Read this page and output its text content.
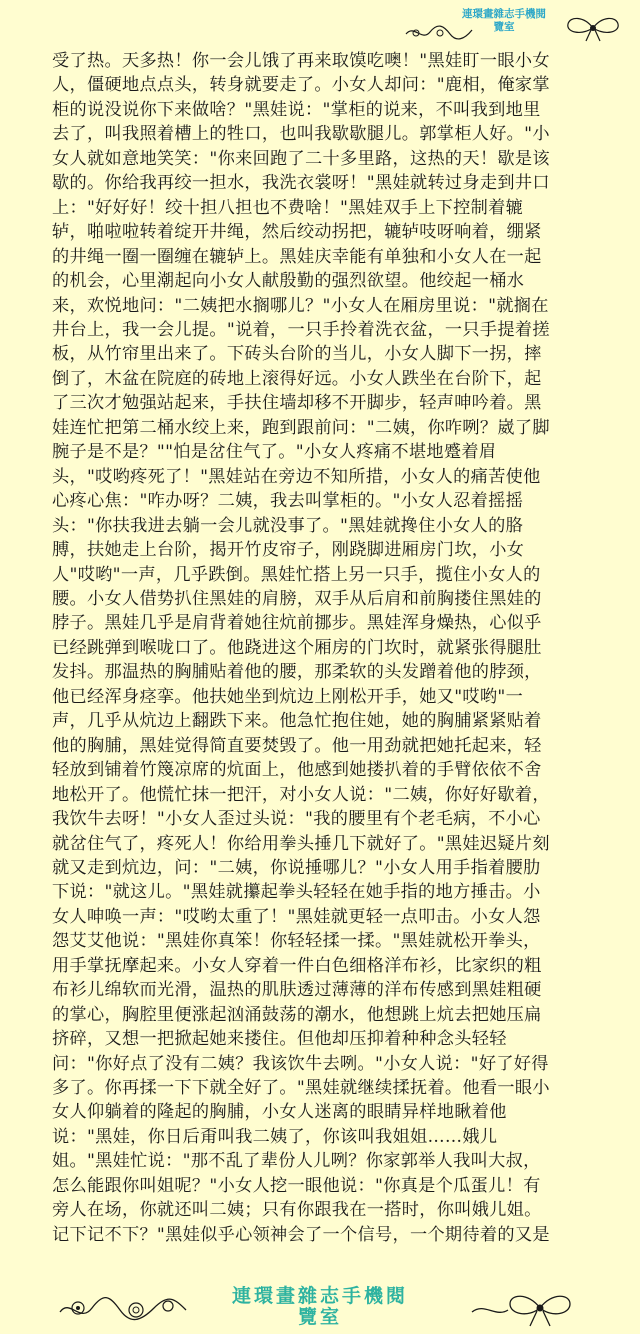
連環畫雜志手機閱
覽室
受了热。天多热！你一会儿饿了再来取馍吃噢！"黑娃盯一眼小女
人，僵硬地点点头，转身就要走了。小女人却问："鹿相，俺家掌
柜的说没说你下来做啥？"黑娃说："掌柜的说来，不叫我到地里
去了，叫我照着槽上的牲口，也叫我歇歇腿儿。郭掌柜人好。"小
女人就如意地笑笑："你来回跑了二十多里路，这热的天！歇是该
歇的。你给我再绞一担水，我洗衣裳呀！"黑娃就转过身走到井口
上："好好好！绞十担八担也不费啥！"黑娃双手上下控制着辘
轳，啪啦啦转着绽开井绳，然后绞动拐把，辘轳吱呀响着，绷紧
的井绳一圈一圈缠在辘轳上。黑娃庆幸能有单独和小女人在一起
的机会，心里潮起向小女人献殷勤的强烈欲望。他绞起一桶水
来，欢悦地问："二姨把水搁哪儿？"小女人在厢房里说："就搁在
井台上，我一会儿提。"说着，一只手拎着洗衣盆，一只手提着搓
板，从竹帘里出来了。下砖头台阶的当儿，小女人脚下一拐，摔
倒了，木盆在院庭的砖地上滚得好远。小女人跌坐在台阶下，起
了三次才勉强站起来，手扶住墙却移不开脚步，轻声呻吟着。黑
娃连忙把第二桶水绞上来，跑到跟前问："二姨，你咋咧？崴了脚
腕子是不是？""怕是岔住气了。"小女人疼痛不堪地蹙着眉
头，"哎哟疼死了！"黑娃站在旁边不知所措，小女人的痛苦使他
心疼心焦："咋办呀？二姨，我去叫掌柜的。"小女人忍着摇摇
头："你扶我进去躺一会儿就没事了。"黑娃就搀住小女人的胳
膊，扶她走上台阶，揭开竹皮帘子，刚跷脚进厢房门坎，小女
人"哎哟"一声，几乎跌倒。黑娃忙搭上另一只手，揽住小女人的
腰。小女人借势扒住黑娃的肩膀，双手从后肩和前胸搂住黑娃的
脖子。黑娃几乎是肩背着她往炕前挪步。黑娃浑身燥热，心似乎
已经跳弹到喉咙口了。他跷进这个厢房的门坎时，就紧张得腿肚
发抖。那温热的胸脯贴着他的腰，那柔软的头发蹭着他的脖颈，
他已经浑身痉挛。他扶她坐到炕边上刚松开手，她又"哎哟"一
声，几乎从炕边上翻跌下来。他急忙抱住她，她的胸脯紧紧贴着
他的胸脯，黑娃觉得简直要焚毁了。他一用劲就把她托起来，轻
轻放到铺着竹篾凉席的炕面上，他感到她搂扒着的手臂依依不舍
地松开了。他慌忙抹一把汗，对小女人说："二姨，你好好歇着，
我饮牛去呀！"小女人歪过头说："我的腰里有个老毛病，不小心
就岔住气了，疼死人！你给用拳头捶几下就好了。"黑娃迟疑片刻
就又走到炕边，问："二姨，你说捶哪儿？"小女人用手指着腰肋
下说："就这儿。"黑娃就攥起拳头轻轻在她手指的地方捶击。小
女人呻唤一声："哎哟太重了！"黑娃就更轻一点叩击。小女人怨
怨艾艾他说："黑娃你真笨！你轻轻揉一揉。"黑娃就松开拳头，
用手掌抚摩起来。小女人穿着一件白色细格洋布衫，比家织的粗
布衫儿绵软而光滑，温热的肌肤透过薄薄的洋布传感到黑娃粗硬
的掌心，胸腔里便涨起汹涌鼓荡的潮水，他想跳上炕去把她压扁
挤碎，又想一把掀起她来搂住。但他却压抑着种种念头轻轻
问："你好点了没有二姨？我该饮牛去咧。"小女人说："好了好得
多了。你再揉一下下就全好了。"黑娃就继续揉抚着。他看一眼小
女人仰躺着的隆起的胸脯，小女人迷离的眼睛异样地瞅着他
说："黑娃，你日后甭叫我二姨了，你该叫我姐姐……娥儿
姐。"黑娃忙说："那不乱了辈份人儿咧？你家郭举人我叫大叔，
怎么能跟你叫姐呢？"小女人挖一眼他说："你真是个瓜蛋儿！有
旁人在场，你就还叫二姨；只有你跟我在一搭时，你叫娥儿姐。
记下记不下？"黑娃似乎心领神会了一个信号，一个期待着的又是
連環畫雜志手機閱
覽室
